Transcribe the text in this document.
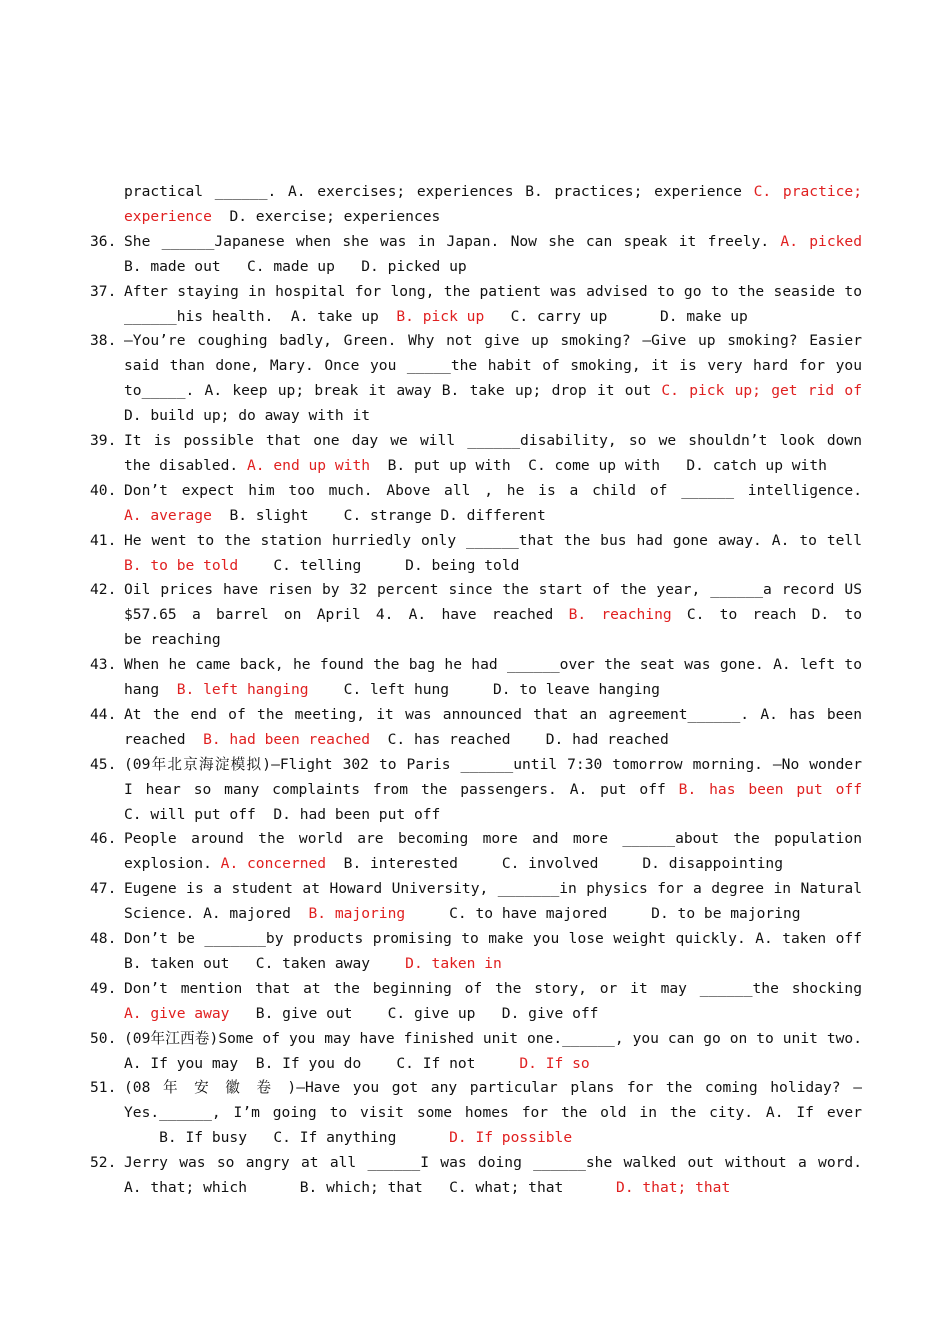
practical ______. A. exercises; experiences B. practices; experience C. practice;
experience  D. exercise; experiences
36. She ______Japanese when she was in Japan. Now she can speak it freely. A. picked
B. made out   C. made up   D. picked up
37. After staying in hospital for long, the patient was advised to go to the seaside to
______his health.  A. take up  B. pick up   C. carry up      D. make up
38. —You’re coughing badly, Green. Why not give up smoking? —Give up smoking? Easier
said than done, Mary. Once you _____the habit of smoking, it is very hard for you
to_____. A. keep up; break it away B. take up; drop it out C. pick up; get rid of
D. build up; do away with it
39. It is possible that one day we will ______disability, so we shouldn’t look down
the disabled. A. end up with  B. put up with  C. come up with   D. catch up with
40. Don’t expect him too much. Above all , he is a child of ______ intelligence.
A. average  B. slight    C. strange D. different
41. He went to the station hurriedly only ______that the bus had gone away. A. to tell
B. to be told    C. telling     D. being told
42. Oil prices have risen by 32 percent since the start of the year, ______a record US
$57.65 a barrel on April 4. A. have reached B. reaching C. to reach D. to
be reaching
43. When he came back, he found the bag he had ______over the seat was gone. A. left to
hang  B. left hanging    C. left hung     D. to leave hanging
44. At the end of the meeting, it was announced that an agreement______. A. has been
reached  B. had been reached  C. has reached    D. had reached
45. (09年北京海淀模拟)—Flight 302 to Paris ______until 7:30 tomorrow morning. —No wonder
I hear so many complaints from the passengers. A. put off B. has been put off
C. will put off  D. had been put off
46. People around the world are becoming more and more ______about the population
explosion. A. concerned  B. interested     C. involved     D. disappointing
47. Eugene is a student at Howard University, _______in physics for a degree in Natural
Science. A. majored  B. majoring     C. to have majored     D. to be majoring
48. Don’t be _______by products promising to make you lose weight quickly. A. taken off
B. taken out   C. taken away    D. taken in
49. Don’t mention that at the beginning of the story, or it may ______the shocking
A. give away   B. give out    C. give up   D. give off
50. (09年江西卷)Some of you may have finished unit one.______, you can go on to unit two.
A. If you may  B. If you do    C. If not     D. If so
51. (08 年 安 徽 卷 )—Have you got any particular plans for the coming holiday? —
Yes.______, I’m going to visit some homes for the old in the city. A. If ever
B. If busy   C. If anything      D. If possible
52. Jerry was so angry at all ______I was doing ______she walked out without a word.
A. that; which      B. which; that   C. what; that      D. that; that
